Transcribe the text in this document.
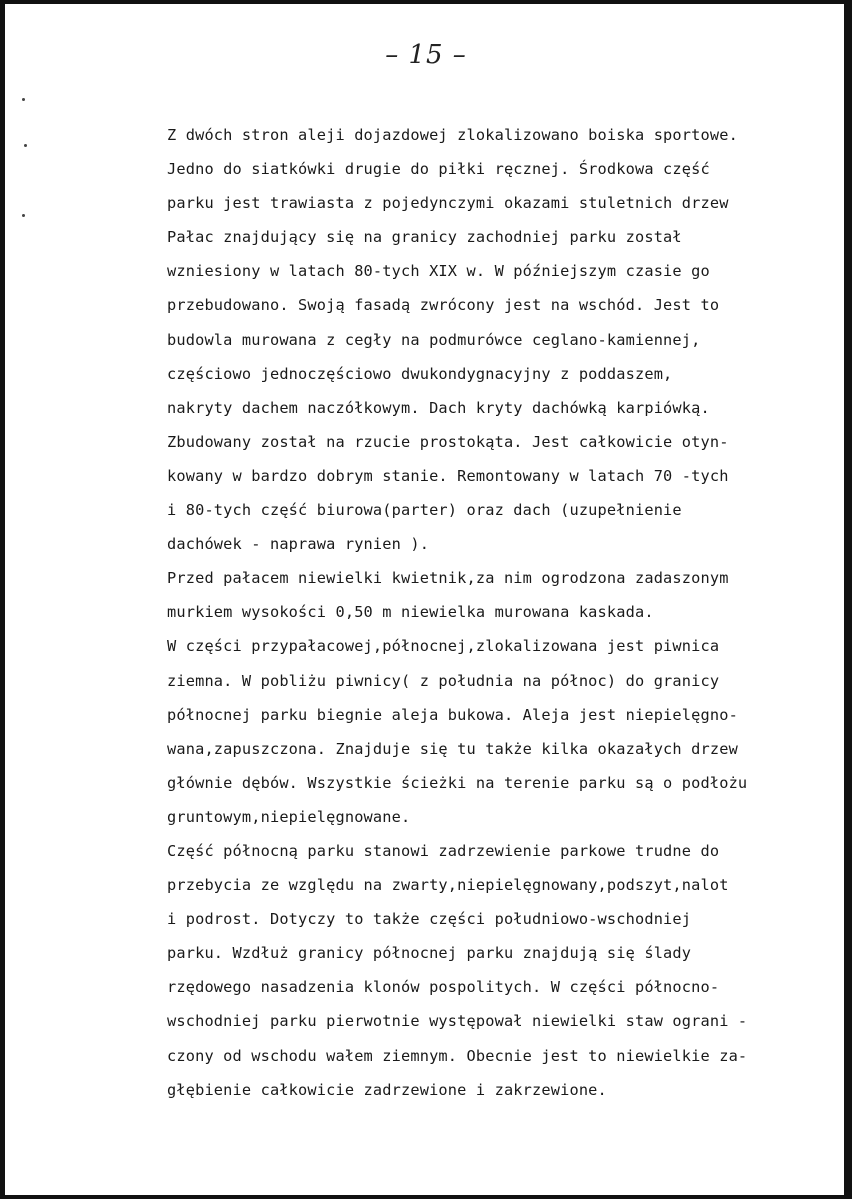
– 15 –
Z dwóch stron aleji dojazdowej zlokalizowano boiska sportowe.
Jedno do siatkówki drugie do piłki ręcznej. Środkowa część
parku jest trawiasta z pojedynczymi okazami stuletnich drzew
Pałac znajdujący się na granicy zachodniej parku został
wzniesiony w latach 80-tych XIX w. W późniejszym czasie go
przebudowano. Swoją fasadą zwrócony jest na wschód. Jest to
budowla murowana z cegły na podmurówce ceglano-kamiennej,
częściowo jednoczęściowo dwukondygnacyjny z poddaszem,
nakryty dachem naczółkowym. Dach kryty dachówką karpiówką.
Zbudowany został na rzucie prostokąta. Jest całkowicie otyn-
kowany w bardzo dobrym stanie. Remontowany w latach 70 -tych
i 80-tych część biurowa(parter) oraz dach (uzupełnienie
dachówek - naprawa rynien ).
Przed pałacem niewielki kwietnik,za nim ogrodzona zadaszonym
murkiem wysokości 0,50 m niewielka murowana kaskada.
W części przypałacowej,północnej,zlokalizowana jest piwnica
ziemna. W pobliżu piwnicy( z południa na północ) do granicy
północnej parku biegnie aleja bukowa. Aleja jest niepielęgno-
wana,zapuszczona. Znajduje się tu także kilka okazałych drzew
głównie dębów. Wszystkie ścieżki na terenie parku są o podłożu
gruntowym,niepielęgnowane.
Część północną parku stanowi zadrzewienie parkowe trudne do
przebycia ze względu na zwarty,niepielęgnowany,podszyt,nalot
i podrost. Dotyczy to także części południowo-wschodniej
parku. Wzdłuż granicy północnej parku znajdują się ślady
rzędowego nasadzenia klonów pospolitych. W części północno-
wschodniej parku pierwotnie występował niewielki staw ograni -
czony od wschodu wałem ziemnym. Obecnie jest to niewielkie za-
głębienie całkowicie zadrzewione i zakrzewione.
